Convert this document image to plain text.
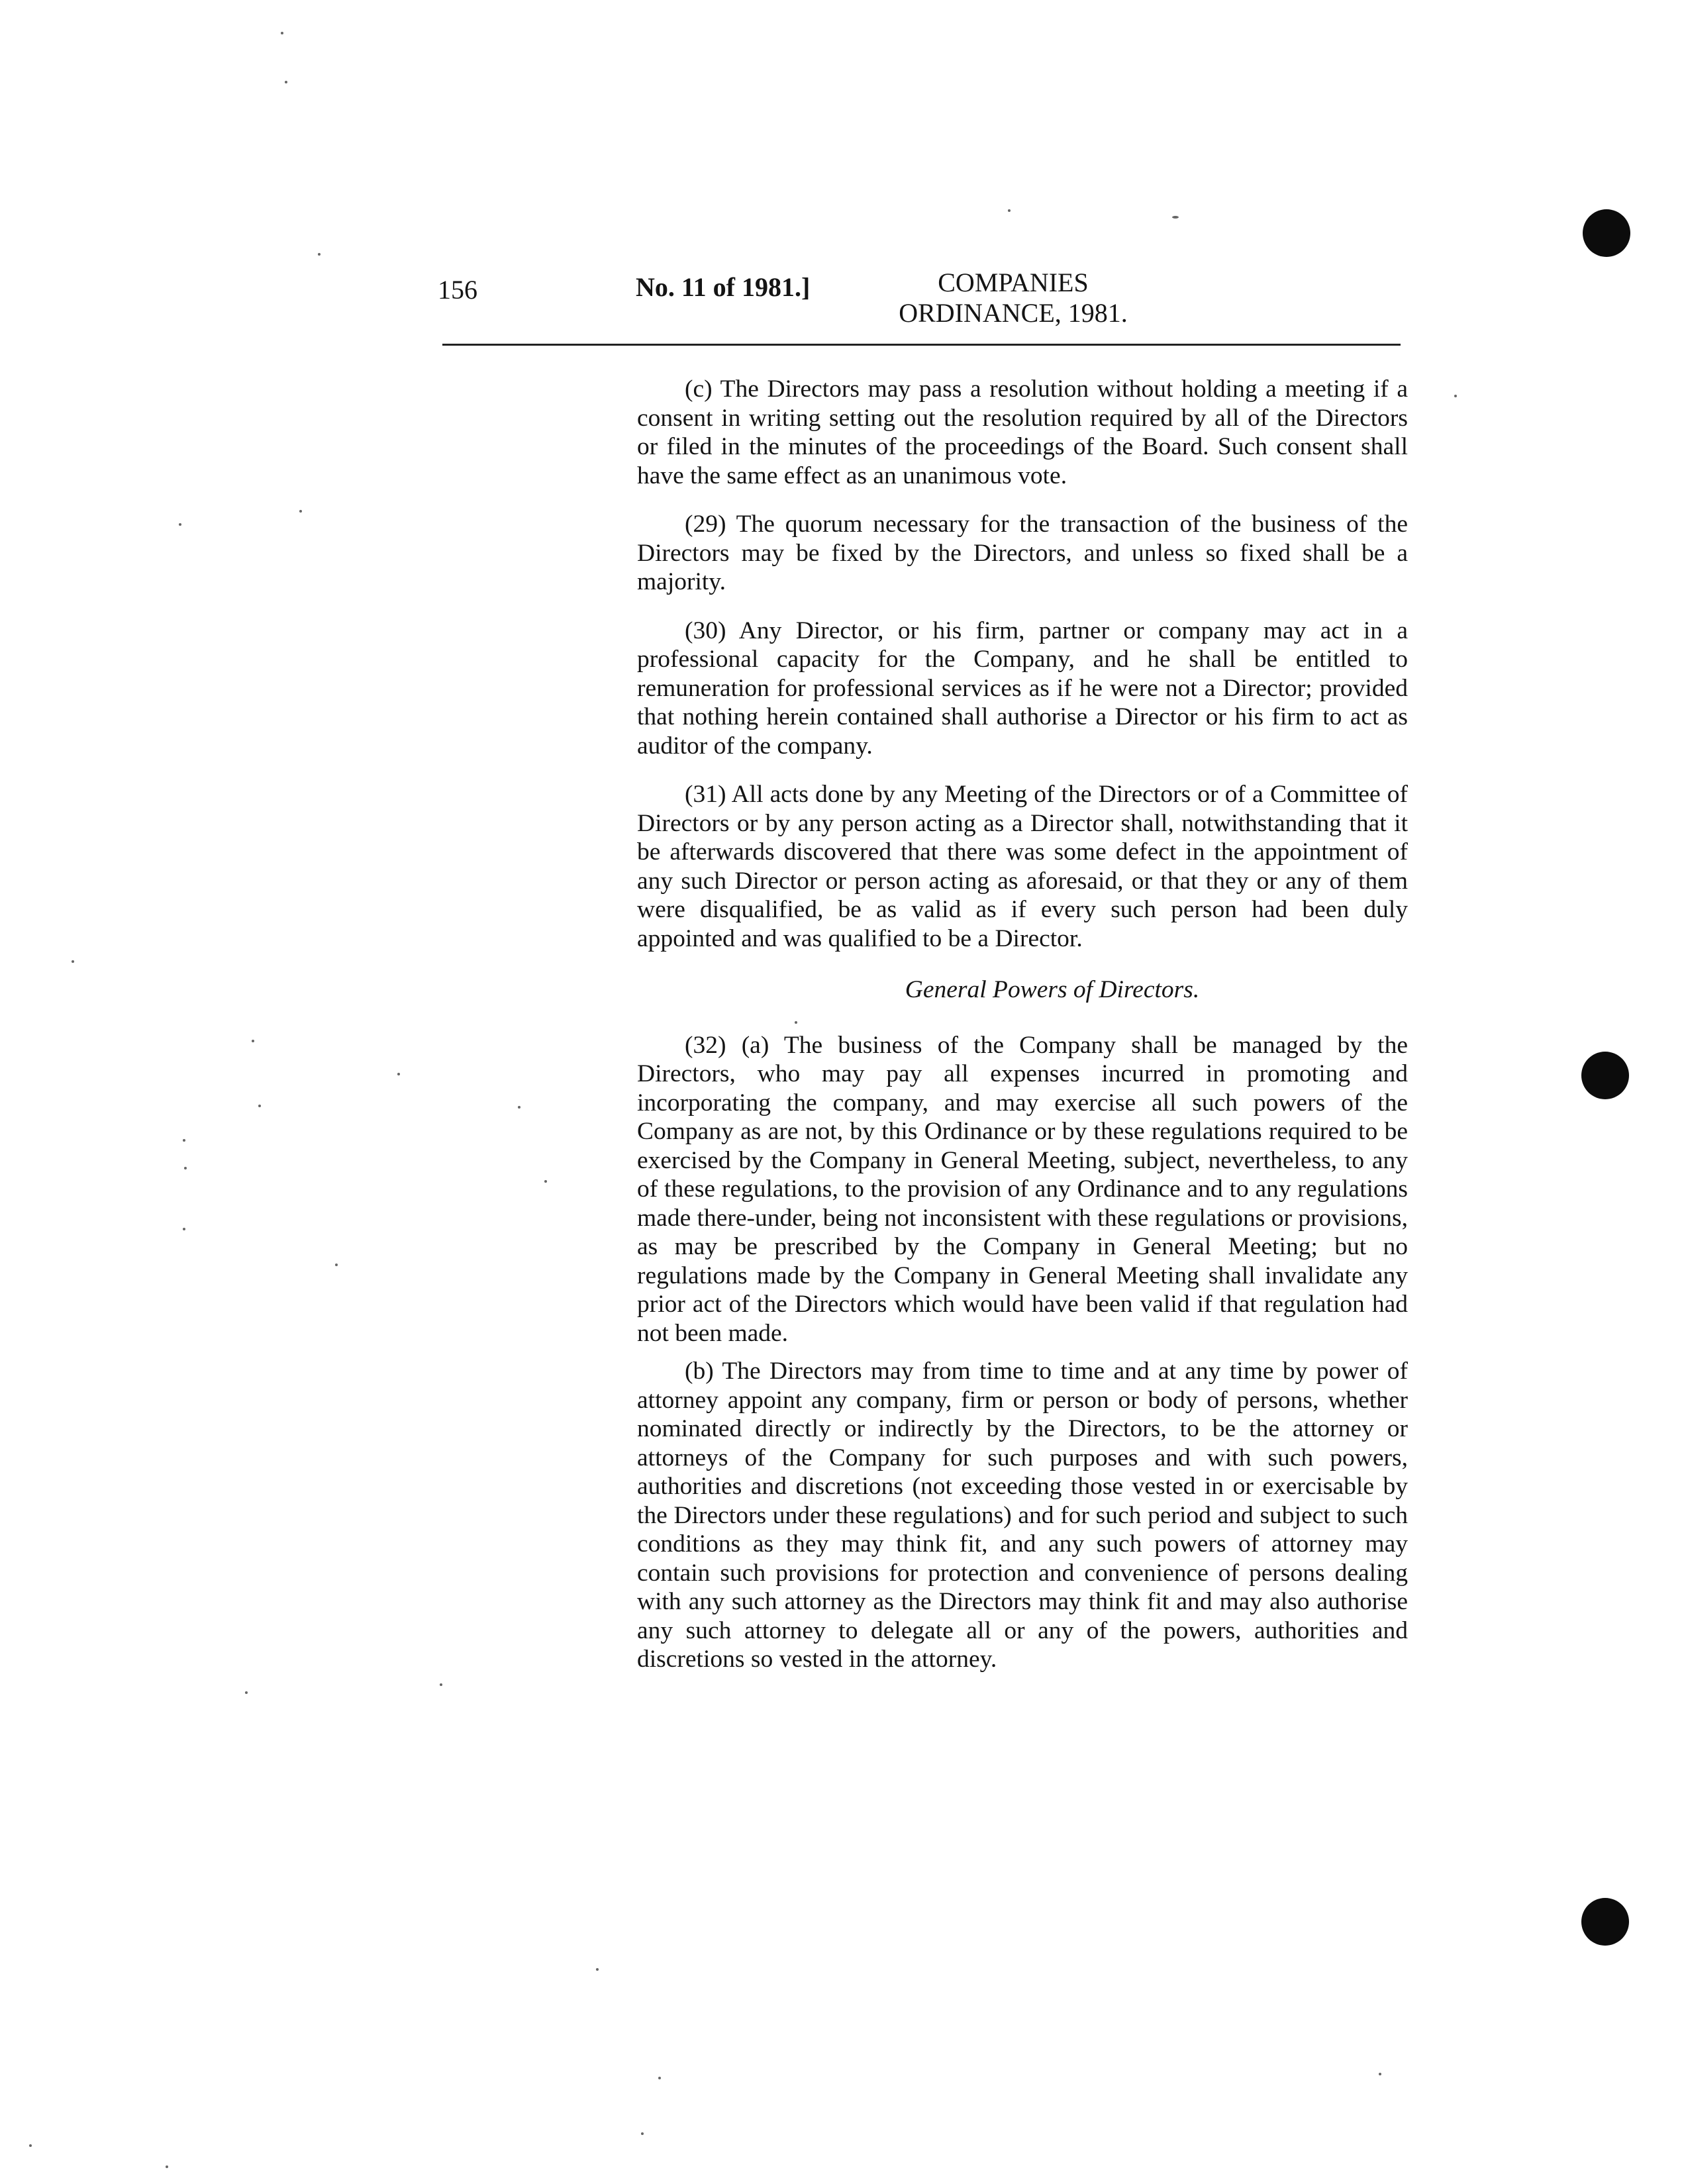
156	No. 11 of 1981.]	COMPANIES
ORDINANCE, 1981.

(c) The Directors may pass a resolution without holding a meeting if a consent in writing setting out the resolution required by all of the Directors or filed in the minutes of the proceedings of the Board. Such consent shall have the same effect as an unanimous vote.

(29) The quorum necessary for the transaction of the business of the Directors may be fixed by the Directors, and unless so fixed shall be a majority.

(30) Any Director, or his firm, partner or company may act in a professional capacity for the Company, and he shall be entitled to remuneration for professional services as if he were not a Director; provided that nothing herein contained shall authorise a Director or his firm to act as auditor of the company.

(31) All acts done by any Meeting of the Directors or of a Committee of Directors or by any person acting as a Director shall, notwithstanding that it be afterwards discovered that there was some defect in the appointment of any such Director or person acting as aforesaid, or that they or any of them were disqualified, be as valid as if every such person had been duly appointed and was qualified to be a Director.

General Powers of Directors.

(32) (a) The business of the Company shall be managed by the Directors, who may pay all expenses incurred in promoting and incorporating the company, and may exercise all such powers of the Company as are not, by this Ordinance or by these regulations required to be exercised by the Company in General Meeting, subject, nevertheless, to any of these regulations, to the provision of any Ordinance and to any regulations made there-under, being not inconsistent with these regulations or provisions, as may be prescribed by the Company in General Meeting; but no regulations made by the Company in General Meeting shall invalidate any prior act of the Directors which would have been valid if that regulation had not been made.

(b) The Directors may from time to time and at any time by power of attorney appoint any company, firm or person or body of persons, whether nominated directly or indirectly by the Directors, to be the attorney or attorneys of the Company for such purposes and with such powers, authorities and discretions (not exceeding those vested in or exercisable by the Directors under these regulations) and for such period and subject to such conditions as they may think fit, and any such powers of attorney may contain such provisions for protection and convenience of persons dealing with any such attorney as the Directors may think fit and may also authorise any such attorney to delegate all or any of the powers, authorities and discretions so vested in the attorney.
